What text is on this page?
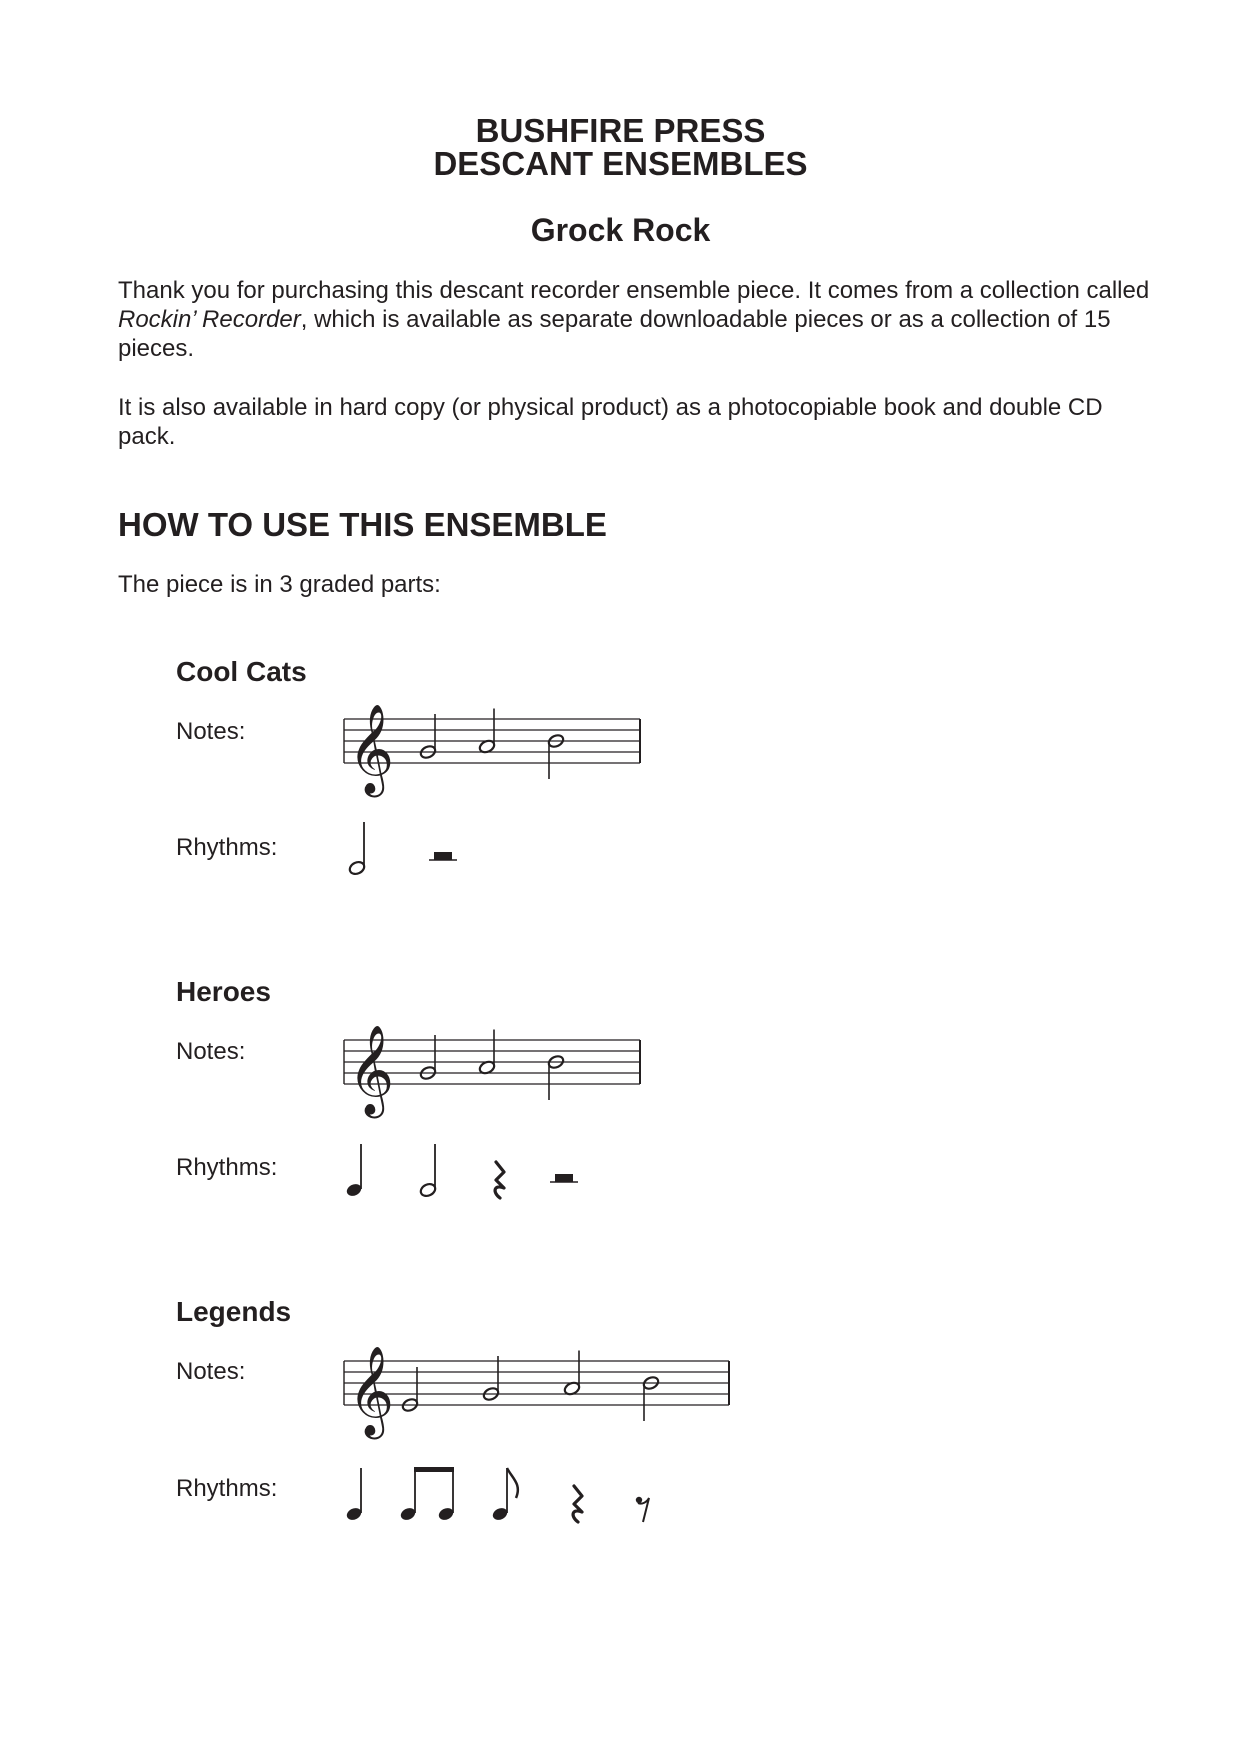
BUSHFIRE PRESS
DESCANT ENSEMBLES
Grock Rock

Thank you for purchasing this descant recorder ensemble piece. It comes from a collection called Rockin’ Recorder, which is available as separate downloadable pieces or as a collection of 15 pieces.

It is also available in hard copy (or physical product) as a photocopiable book and double CD pack.

HOW TO USE THIS ENSEMBLE
The piece is in 3 graded parts:
Cool Cats
Notes:
Rhythms:
𝄞
Heroes
Notes:
Rhythms:
𝄞
Legends
Notes:
Rhythms:
𝄞
